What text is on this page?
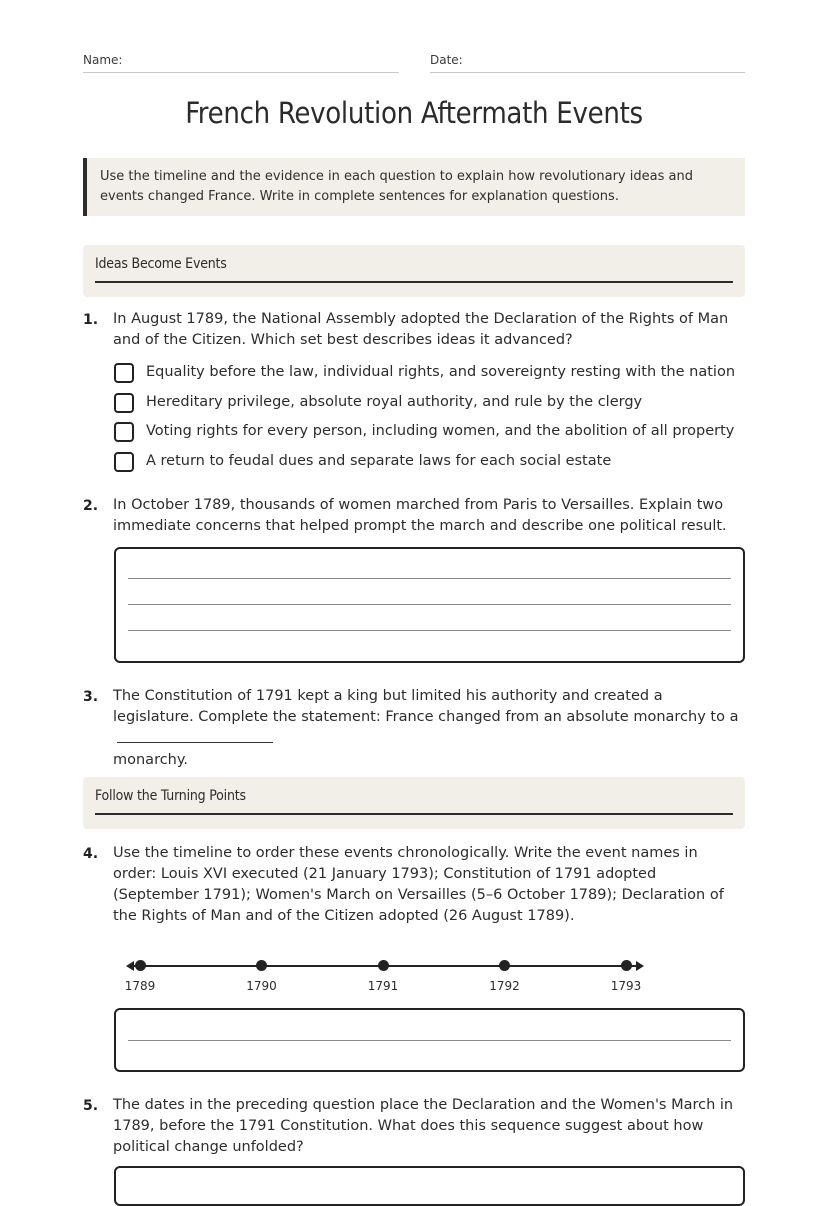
Name:	Date:
French Revolution Aftermath Events
Use the timeline and the evidence in each question to explain how revolutionary ideas and events changed France. Write in complete sentences for explanation questions.
Ideas Become Events
1. In August 1789, the National Assembly adopted the Declaration of the Rights of Man and of the Citizen. Which set best describes ideas it advanced?
Equality before the law, individual rights, and sovereignty resting with the nation
Hereditary privilege, absolute royal authority, and rule by the clergy
Voting rights for every person, including women, and the abolition of all property
A return to feudal dues and separate laws for each social estate
2. In October 1789, thousands of women marched from Paris to Versailles. Explain two immediate concerns that helped prompt the march and describe one political result.
3. The Constitution of 1791 kept a king but limited his authority and created a legislature. Complete the statement: France changed from an absolute monarchy to a
monarchy.
Follow the Turning Points
4. Use the timeline to order these events chronologically. Write the event names in order: Louis XVI executed (21 January 1793); Constitution of 1791 adopted (September 1791); Women's March on Versailles (5–6 October 1789); Declaration of the Rights of Man and of the Citizen adopted (26 August 1789).
1789	1790	1791	1792	1793
5. The dates in the preceding question place the Declaration and the Women's March in 1789, before the 1791 Constitution. What does this sequence suggest about how political change unfolded?
